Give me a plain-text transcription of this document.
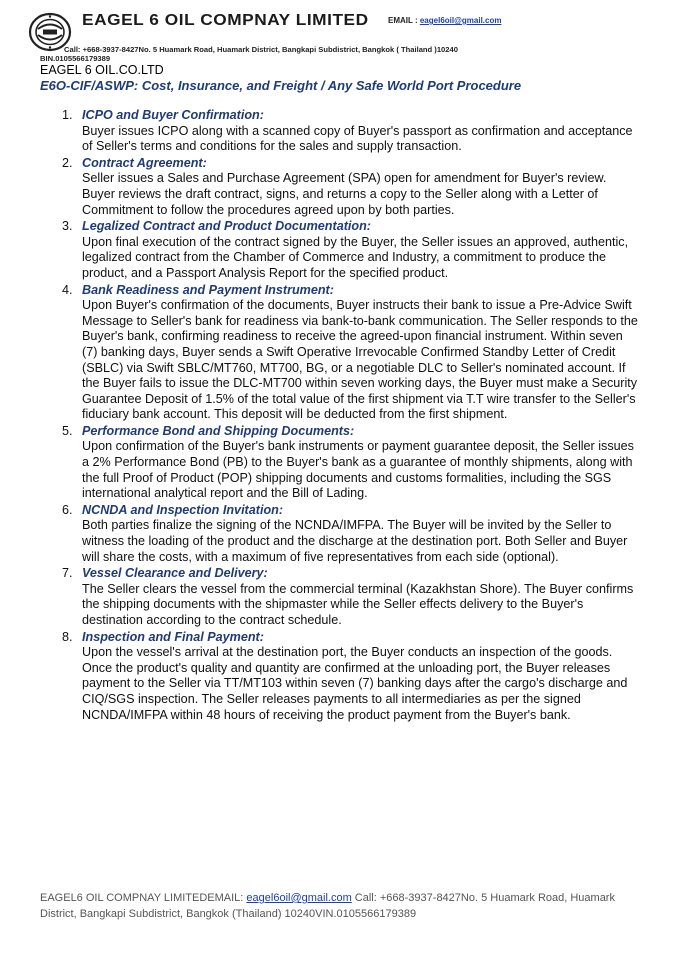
EAGEL 6 OIL COMPNAY LIMITED EMAIL : eagel6oil@gmail.com
Call: +668-3937-8427No. 5 Huamark Road, Huamark District, Bangkapi Subdistrict, Bangkok ( Thailand )10240
BIN.0105566179389
EAGEL 6 OIL.CO.LTD
E6O-CIF/ASWP: Cost, Insurance, and Freight / Any Safe World Port Procedure
1. ICPO and Buyer Confirmation:

Buyer issues ICPO along with a scanned copy of Buyer's passport as confirmation and acceptance of Seller's terms and conditions for the sales and supply transaction.

2. Contract Agreement:

Seller issues a Sales and Purchase Agreement (SPA) open for amendment for Buyer's review. Buyer reviews the draft contract, signs, and returns a copy to the Seller along with a Letter of Commitment to follow the procedures agreed upon by both parties.

3. Legalized Contract and Product Documentation:

Upon final execution of the contract signed by the Buyer, the Seller issues an approved, authentic, legalized contract from the Chamber of Commerce and Industry, a commitment to produce the product, and a Passport Analysis Report for the specified product.

4. Bank Readiness and Payment Instrument:

Upon Buyer's confirmation of the documents, Buyer instructs their bank to issue a Pre-Advice Swift Message to Seller's bank for readiness via bank-to-bank communication. The Seller responds to the Buyer's bank, confirming readiness to receive the agreed-upon financial instrument. Within seven (7) banking days, Buyer sends a Swift Operative Irrevocable Confirmed Standby Letter of Credit (SBLC) via Swift SBLC/MT760, MT700, BG, or a negotiable DLC to Seller's nominated account. If the Buyer fails to issue the DLC-MT700 within seven working days, the Buyer must make a Security Guarantee Deposit of 1.5% of the total value of the first shipment via T.T wire transfer to the Seller's fiduciary bank account. This deposit will be deducted from the first shipment.

5. Performance Bond and Shipping Documents:

Upon confirmation of the Buyer's bank instruments or payment guarantee deposit, the Seller issues a 2% Performance Bond (PB) to the Buyer's bank as a guarantee of monthly shipments, along with the full Proof of Product (POP) shipping documents and customs formalities, including the SGS international analytical report and the Bill of Lading.

6. NCNDA and Inspection Invitation:

Both parties finalize the signing of the NCNDA/IMFPA. The Buyer will be invited by the Seller to witness the loading of the product and the discharge at the destination port. Both Seller and Buyer will share the costs, with a maximum of five representatives from each side (optional).

7. Vessel Clearance and Delivery:

The Seller clears the vessel from the commercial terminal (Kazakhstan Shore). The Buyer confirms the shipping documents with the shipmaster while the Seller effects delivery to the Buyer's destination according to the contract schedule.

8. Inspection and Final Payment:

Upon the vessel's arrival at the destination port, the Buyer conducts an inspection of the goods. Once the product's quality and quantity are confirmed at the unloading port, the Buyer releases payment to the Seller via TT/MT103 within seven (7) banking days after the cargo's discharge and CIQ/SGS inspection. The Seller releases payments to all intermediaries as per the signed NCNDA/IMFPA within 48 hours of receiving the product payment from the Buyer's bank.

EAGEL6 OIL COMPNAY LIMITEDEMAIL: eagel6oil@gmail.com Call: +668-3937-8427No. 5 Huamark Road, Huamark District, Bangkapi Subdistrict, Bangkok (Thailand) 10240VIN.0105566179389
